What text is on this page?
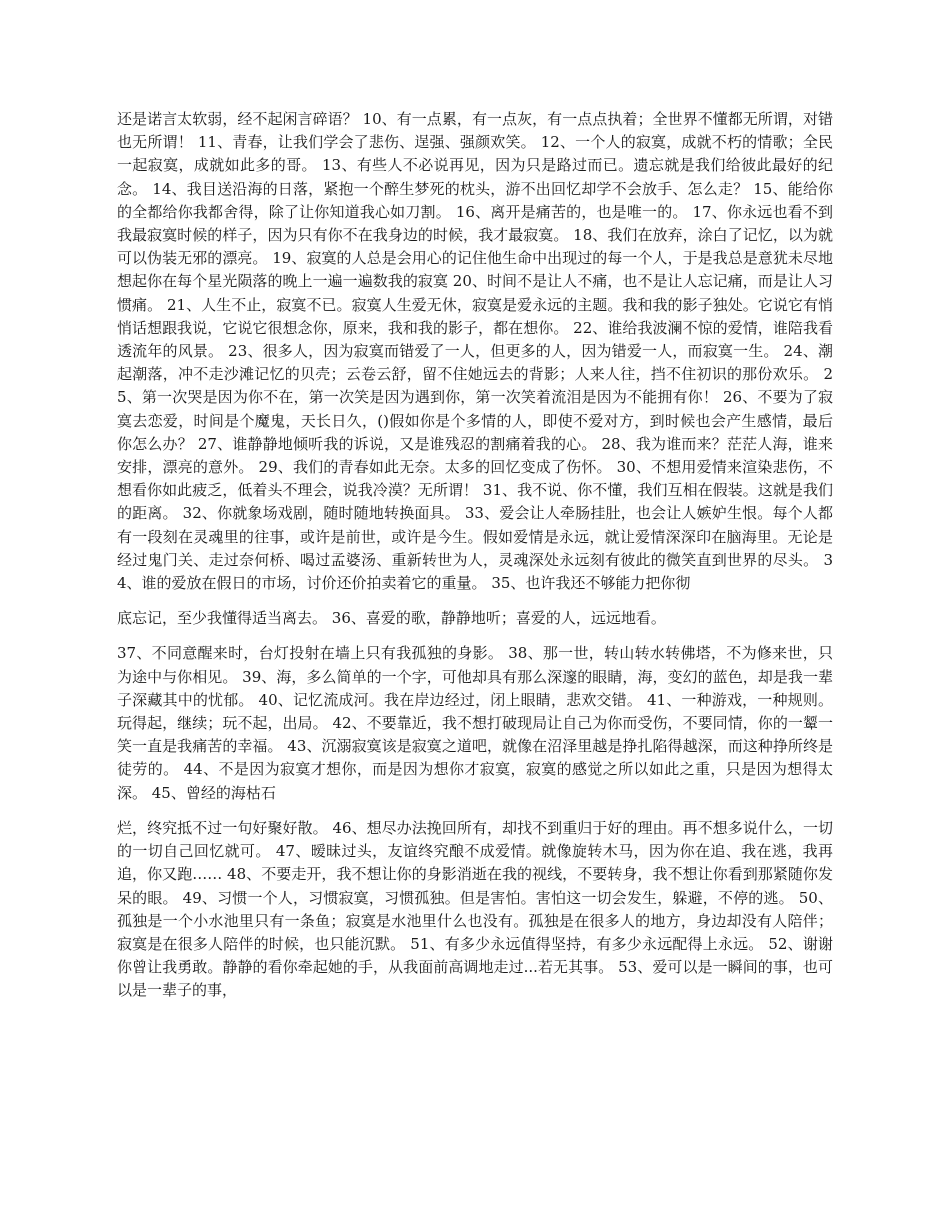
还是诺言太软弱，经不起闲言碎语？ 10、有一点累，有一点灰，有一点点执着；全世界不懂都无所谓，对错也无所谓！ 11、青春，让我们学会了悲伤、逞强、强颜欢笑。 12、一个人的寂寞，成就不朽的情歌；全民一起寂寞，成就如此多的哥。 13、有些人不必说再见，因为只是路过而已。遗忘就是我们给彼此最好的纪念。 14、我目送沿海的日落，紧抱一个醉生梦死的枕头，游不出回忆却学不会放手、怎么走？ 15、能给你的全都给你我都舍得，除了让你知道我心如刀割。 16、离开是痛苦的，也是唯一的。 17、你永远也看不到我最寂寞时候的样子，因为只有你不在我身边的时候，我才最寂寞。 18、我们在放弃，涂白了记忆，以为就可以伪装无邪的漂亮。 19、寂寞的人总是会用心的记住他生命中出现过的每一个人，于是我总是意犹未尽地想起你在每个星光陨落的晚上一遍一遍数我的寂寞 20、时间不是让人不痛，也不是让人忘记痛，而是让人习惯痛。 21、人生不止，寂寞不已。寂寞人生爱无休，寂寞是爱永远的主题。我和我的影子独处。它说它有悄悄话想跟我说，它说它很想念你，原来，我和我的影子，都在想你。 22、谁给我波澜不惊的爱情，谁陪我看透流年的风景。 23、很多人，因为寂寞而错爱了一人，但更多的人，因为错爱一人，而寂寞一生。 24、潮起潮落，冲不走沙滩记忆的贝壳；云卷云舒，留不住她远去的背影；人来人往，挡不住初识的那份欢乐。 25、第一次哭是因为你不在，第一次笑是因为遇到你，第一次笑着流泪是因为不能拥有你！ 26、不要为了寂寞去恋爱，时间是个魔鬼，天长日久，()假如你是个多情的人，即使不爱对方，到时候也会产生感情，最后你怎么办？ 27、谁静静地倾听我的诉说，又是谁残忍的割痛着我的心。 28、我为谁而来？茫茫人海，谁来安排，漂亮的意外。 29、我们的青春如此无奈。太多的回忆变成了伤怀。 30、不想用爱情来渲染悲伤，不想看你如此疲乏，低着头不理会，说我冷漠？无所谓！ 31、我不说、你不懂，我们互相在假装。这就是我们的距离。 32、你就象场戏剧，随时随地转换面具。 33、爱会让人牵肠挂肚，也会让人嫉妒生恨。每个人都有一段刻在灵魂里的往事，或许是前世，或许是今生。假如爱情是永远，就让爱情深深印在脑海里。无论是经过鬼门关、走过奈何桥、喝过孟婆汤、重新转世为人，灵魂深处永远刻有彼此的微笑直到世界的尽头。 34、谁的爱放在假日的市场，讨价还价拍卖着它的重量。 35、也许我还不够能力把你彻

底忘记，至少我懂得适当离去。 36、喜爱的歌，静静地听；喜爱的人，远远地看。

37、不同意醒来时，台灯投射在墙上只有我孤独的身影。 38、那一世，转山转水转佛塔，不为修来世，只为途中与你相见。 39、海，多么简单的一个字，可他却具有那么深邃的眼睛，海，变幻的蓝色，却是我一辈子深藏其中的忧郁。 40、记忆流成河。我在岸边经过，闭上眼睛，悲欢交错。 41、一种游戏，一种规则。玩得起，继续；玩不起，出局。 42、不要靠近，我不想打破现局让自己为你而受伤，不要同情，你的一颦一笑一直是我痛苦的幸福。 43、沉溺寂寞该是寂寞之道吧，就像在沼泽里越是挣扎陷得越深，而这种挣所终是徒劳的。 44、不是因为寂寞才想你，而是因为想你才寂寞，寂寞的感觉之所以如此之重，只是因为想得太深。 45、曾经的海枯石

烂，终究抵不过一句好聚好散。 46、想尽办法挽回所有，却找不到重归于好的理由。再不想多说什么，一切的一切自己回忆就可。 47、暧昧过头，友谊终究酿不成爱情。就像旋转木马，因为你在追、我在逃，我再追，你又跑…… 48、不要走开，我不想让你的身影消逝在我的视线，不要转身，我不想让你看到那紧随你发呆的眼。 49、习惯一个人，习惯寂寞，习惯孤独。但是害怕。害怕这一切会发生，躲避，不停的逃。 50、孤独是一个小水池里只有一条鱼；寂寞是水池里什么也没有。孤独是在很多人的地方，身边却没有人陪伴；寂寞是在很多人陪伴的时候，也只能沉默。 51、有多少永远值得坚持，有多少永远配得上永远。 52、谢谢你曾让我勇敢。静静的看你牵起她的手，从我面前高调地走过...若无其事。 53、爱可以是一瞬间的事，也可以是一辈子的事，
